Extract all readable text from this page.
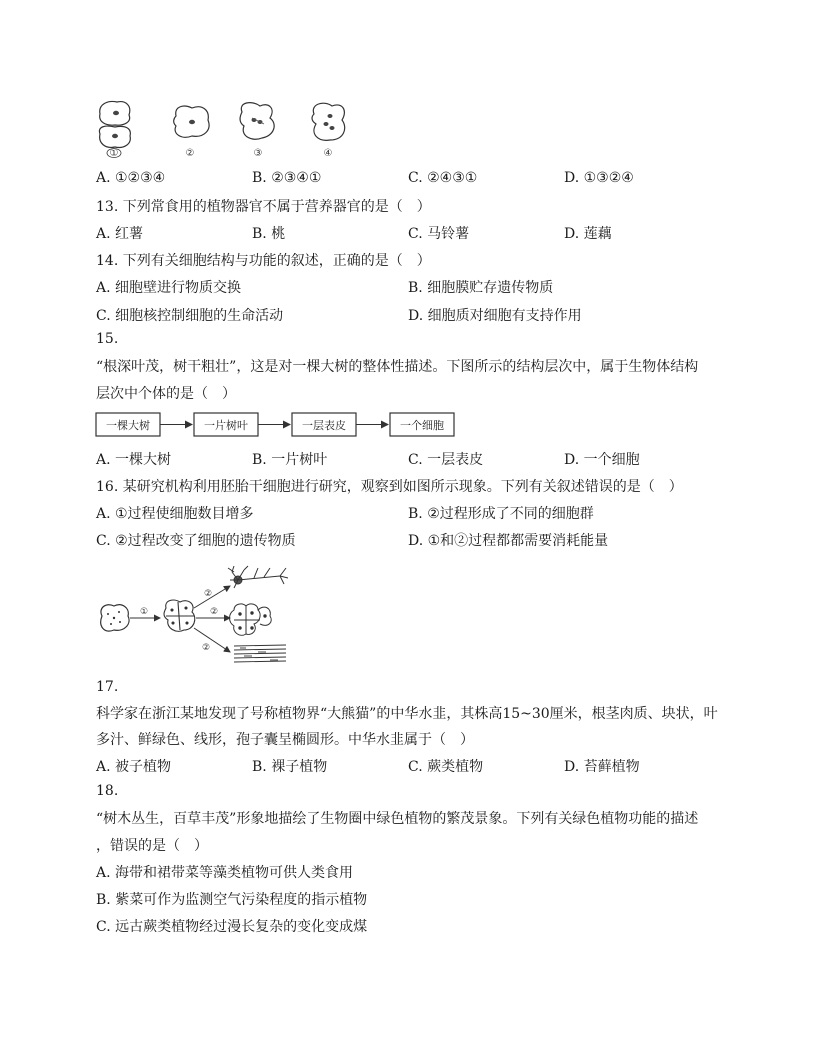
①	②	③	④
A. ①②③④	B. ②③④①	C. ②④③①	D. ①③②④
13. 下列常食用的植物器官不属于营养器官的是（　）
A. 红薯	B. 桃	C. 马铃薯	D. 莲藕
14. 下列有关细胞结构与功能的叙述，正确的是（　）
A. 细胞壁进行物质交换	B. 细胞膜贮存遗传物质
C. 细胞核控制细胞的生命活动	D. 细胞质对细胞有支持作用
15.
“根深叶茂，树干粗壮”，这是对一棵大树的整体性描述。下图所示的结构层次中，属于生物体结构
层次中个体的是（　）
一棵大树	一片树叶	一层表皮	一个细胞
A. 一棵大树	B. 一片树叶	C. 一层表皮	D. 一个细胞
16. 某研究机构利用胚胎干细胞进行研究，观察到如图所示现象。下列有关叙述错误的是（　）
A. ①过程使细胞数目增多	B. ②过程形成了不同的细胞群
C. ②过程改变了细胞的遗传物质	D. ①和②过程都都需要消耗能量
①
②
②
②
17.
科学家在浙江某地发现了号称植物界“大熊猫”的中华水韭，其株高15~30厘米，根茎肉质、块状，叶
多汁、鲜绿色、线形，孢子囊呈椭圆形。中华水韭属于（　）
A. 被子植物	B. 裸子植物	C. 蕨类植物	D. 苔藓植物
18.
“树木丛生，百草丰茂”形象地描绘了生物圈中绿色植物的繁茂景象。下列有关绿色植物功能的描述
，错误的是（　）
A. 海带和裙带菜等藻类植物可供人类食用
B. 紫菜可作为监测空气污染程度的指示植物
C. 远古蕨类植物经过漫长复杂的变化变成煤
